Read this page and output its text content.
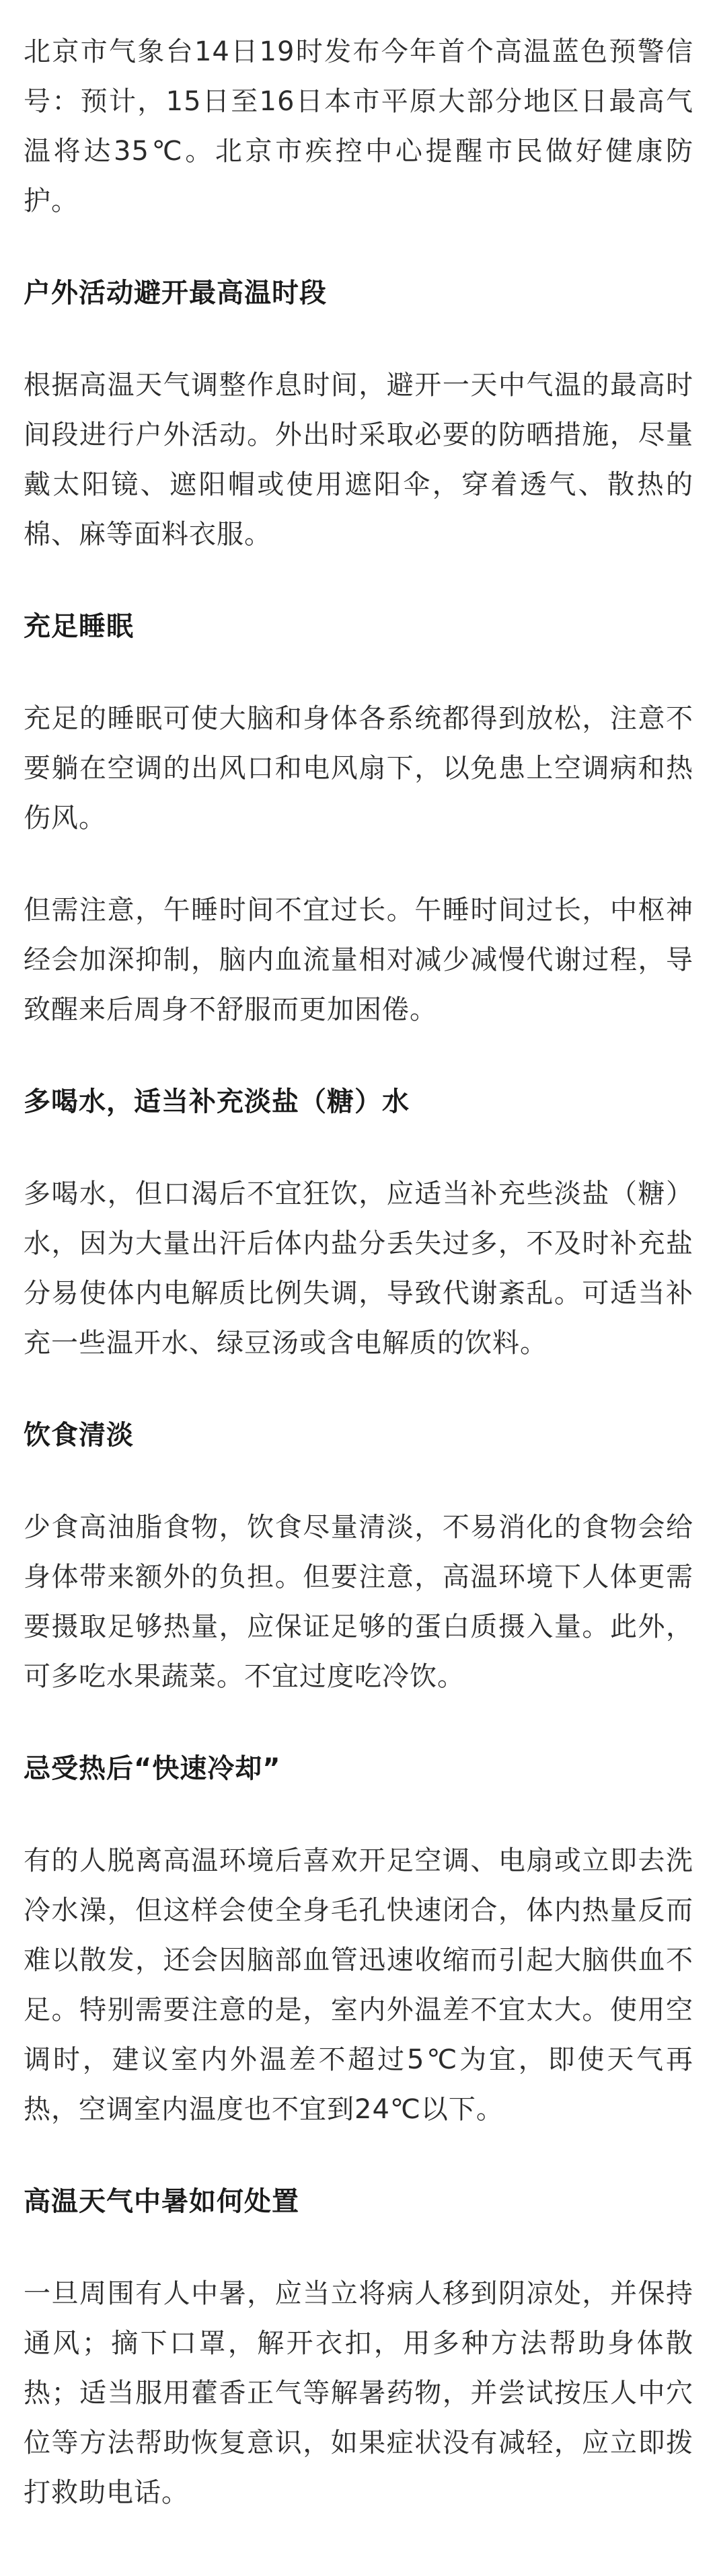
北京市气象台14日19时发布今年首个高温蓝色预警信号：预计，15日至16日本市平原大部分地区日最高气温将达35℃。北京市疾控中心提醒市民做好健康防护。

户外活动避开最高温时段

根据高温天气调整作息时间，避开一天中气温的最高时间段进行户外活动。外出时采取必要的防晒措施，尽量戴太阳镜、遮阳帽或使用遮阳伞，穿着透气、散热的棉、麻等面料衣服。

充足睡眠

充足的睡眠可使大脑和身体各系统都得到放松，注意不要躺在空调的出风口和电风扇下，以免患上空调病和热伤风。

但需注意，午睡时间不宜过长。午睡时间过长，中枢神经会加深抑制，脑内血流量相对减少减慢代谢过程，导致醒来后周身不舒服而更加困倦。

多喝水，适当补充淡盐（糖）水

多喝水，但口渴后不宜狂饮，应适当补充些淡盐（糖）水，因为大量出汗后体内盐分丢失过多，不及时补充盐分易使体内电解质比例失调，导致代谢紊乱。可适当补充一些温开水、绿豆汤或含电解质的饮料。

饮食清淡

少食高油脂食物，饮食尽量清淡，不易消化的食物会给身体带来额外的负担。但要注意，高温环境下人体更需要摄取足够热量，应保证足够的蛋白质摄入量。此外，可多吃水果蔬菜。不宜过度吃冷饮。

忌受热后“快速冷却”

有的人脱离高温环境后喜欢开足空调、电扇或立即去洗冷水澡，但这样会使全身毛孔快速闭合，体内热量反而难以散发，还会因脑部血管迅速收缩而引起大脑供血不足。特别需要注意的是，室内外温差不宜太大。使用空调时，建议室内外温差不超过5℃为宜，即使天气再热，空调室内温度也不宜到24℃以下。

高温天气中暑如何处置

一旦周围有人中暑，应当立将病人移到阴凉处，并保持通风；摘下口罩，解开衣扣，用多种方法帮助身体散热；适当服用藿香正气等解暑药物，并尝试按压人中穴位等方法帮助恢复意识，如果症状没有减轻，应立即拨打救助电话。
